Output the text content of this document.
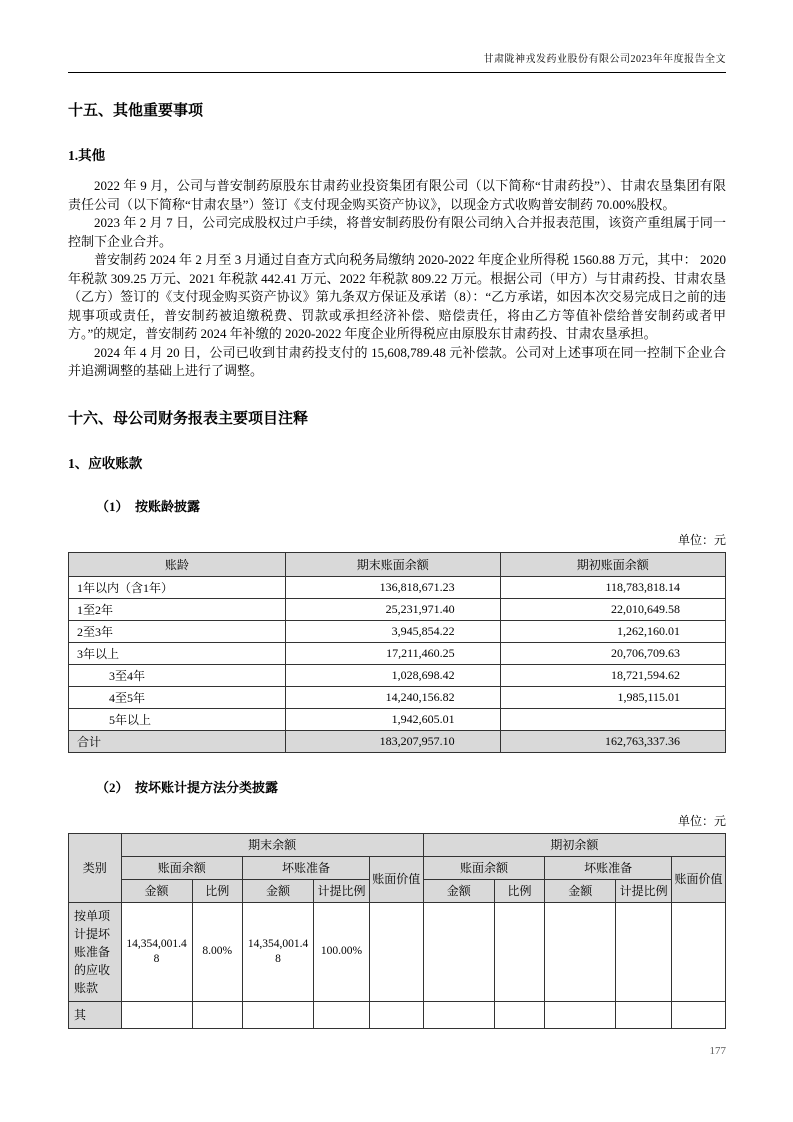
甘肃陇神戎发药业股份有限公司2023年年度报告全文
十五、其他重要事项
1.其他

2022 年 9 月，公司与普安制药原股东甘肃药业投资集团有限公司（以下简称“甘肃药投”）、甘肃农垦集团有限责任公司（以下简称“甘肃农垦”）签订《支付现金购买资产协议》，以现金方式收购普安制药 70.00%股权。

2023 年 2 月 7 日，公司完成股权过户手续，将普安制药股份有限公司纳入合并报表范围，该资产重组属于同一控制下企业合并。

普安制药 2024 年 2 月至 3 月通过自查方式向税务局缴纳 2020-2022 年度企业所得税 1560.88 万元，其中： 2020 年税款 309.25 万元、2021 年税款 442.41 万元、2022 年税款 809.22 万元。根据公司（甲方）与甘肃药投、甘肃农垦（乙方）签订的《支付现金购买资产协议》第九条双方保证及承诺（8）：“乙方承诺，如因本次交易完成日之前的违规事项或责任，普安制药被追缴税费、罚款或承担经济补偿、赔偿责任，将由乙方等值补偿给普安制药或者甲方。”的规定，普安制药 2024 年补缴的 2020-2022 年度企业所得税应由原股东甘肃药投、甘肃农垦承担。

2024 年 4 月 20 日，公司已收到甘肃药投支付的 15,608,789.48 元补偿款。公司对上述事项在同一控制下企业合并追溯调整的基础上进行了调整。

十六、母公司财务报表主要项目注释
1、应收账款
（1）　按账龄披露
单位：元
账龄	期末账面余额	期初账面余额
1年以内（含1年）	136,818,671.23	118,783,818.14
1至2年	25,231,971.40	22,010,649.58
2至3年	3,945,854.22	1,262,160.01
3年以上	17,211,460.25	20,706,709.63
3至4年	1,028,698.42	18,721,594.62
4至5年	14,240,156.82	1,985,115.01
5年以上	1,942,605.01	
合计	183,207,957.10	162,763,337.36
（2）　按坏账计提方法分类披露
单位：元
类别	期末余额					期初余额				
	账面余额		坏账准备		账面价值	账面余额		坏账准备		账面价值
	金额	比例	金额	计提比例		金额	比例	金额	计提比例	
按单项计提坏账准备的应收账款	14,354,001.48	8.00%	14,354,001.48	100.00%						
其										
177
